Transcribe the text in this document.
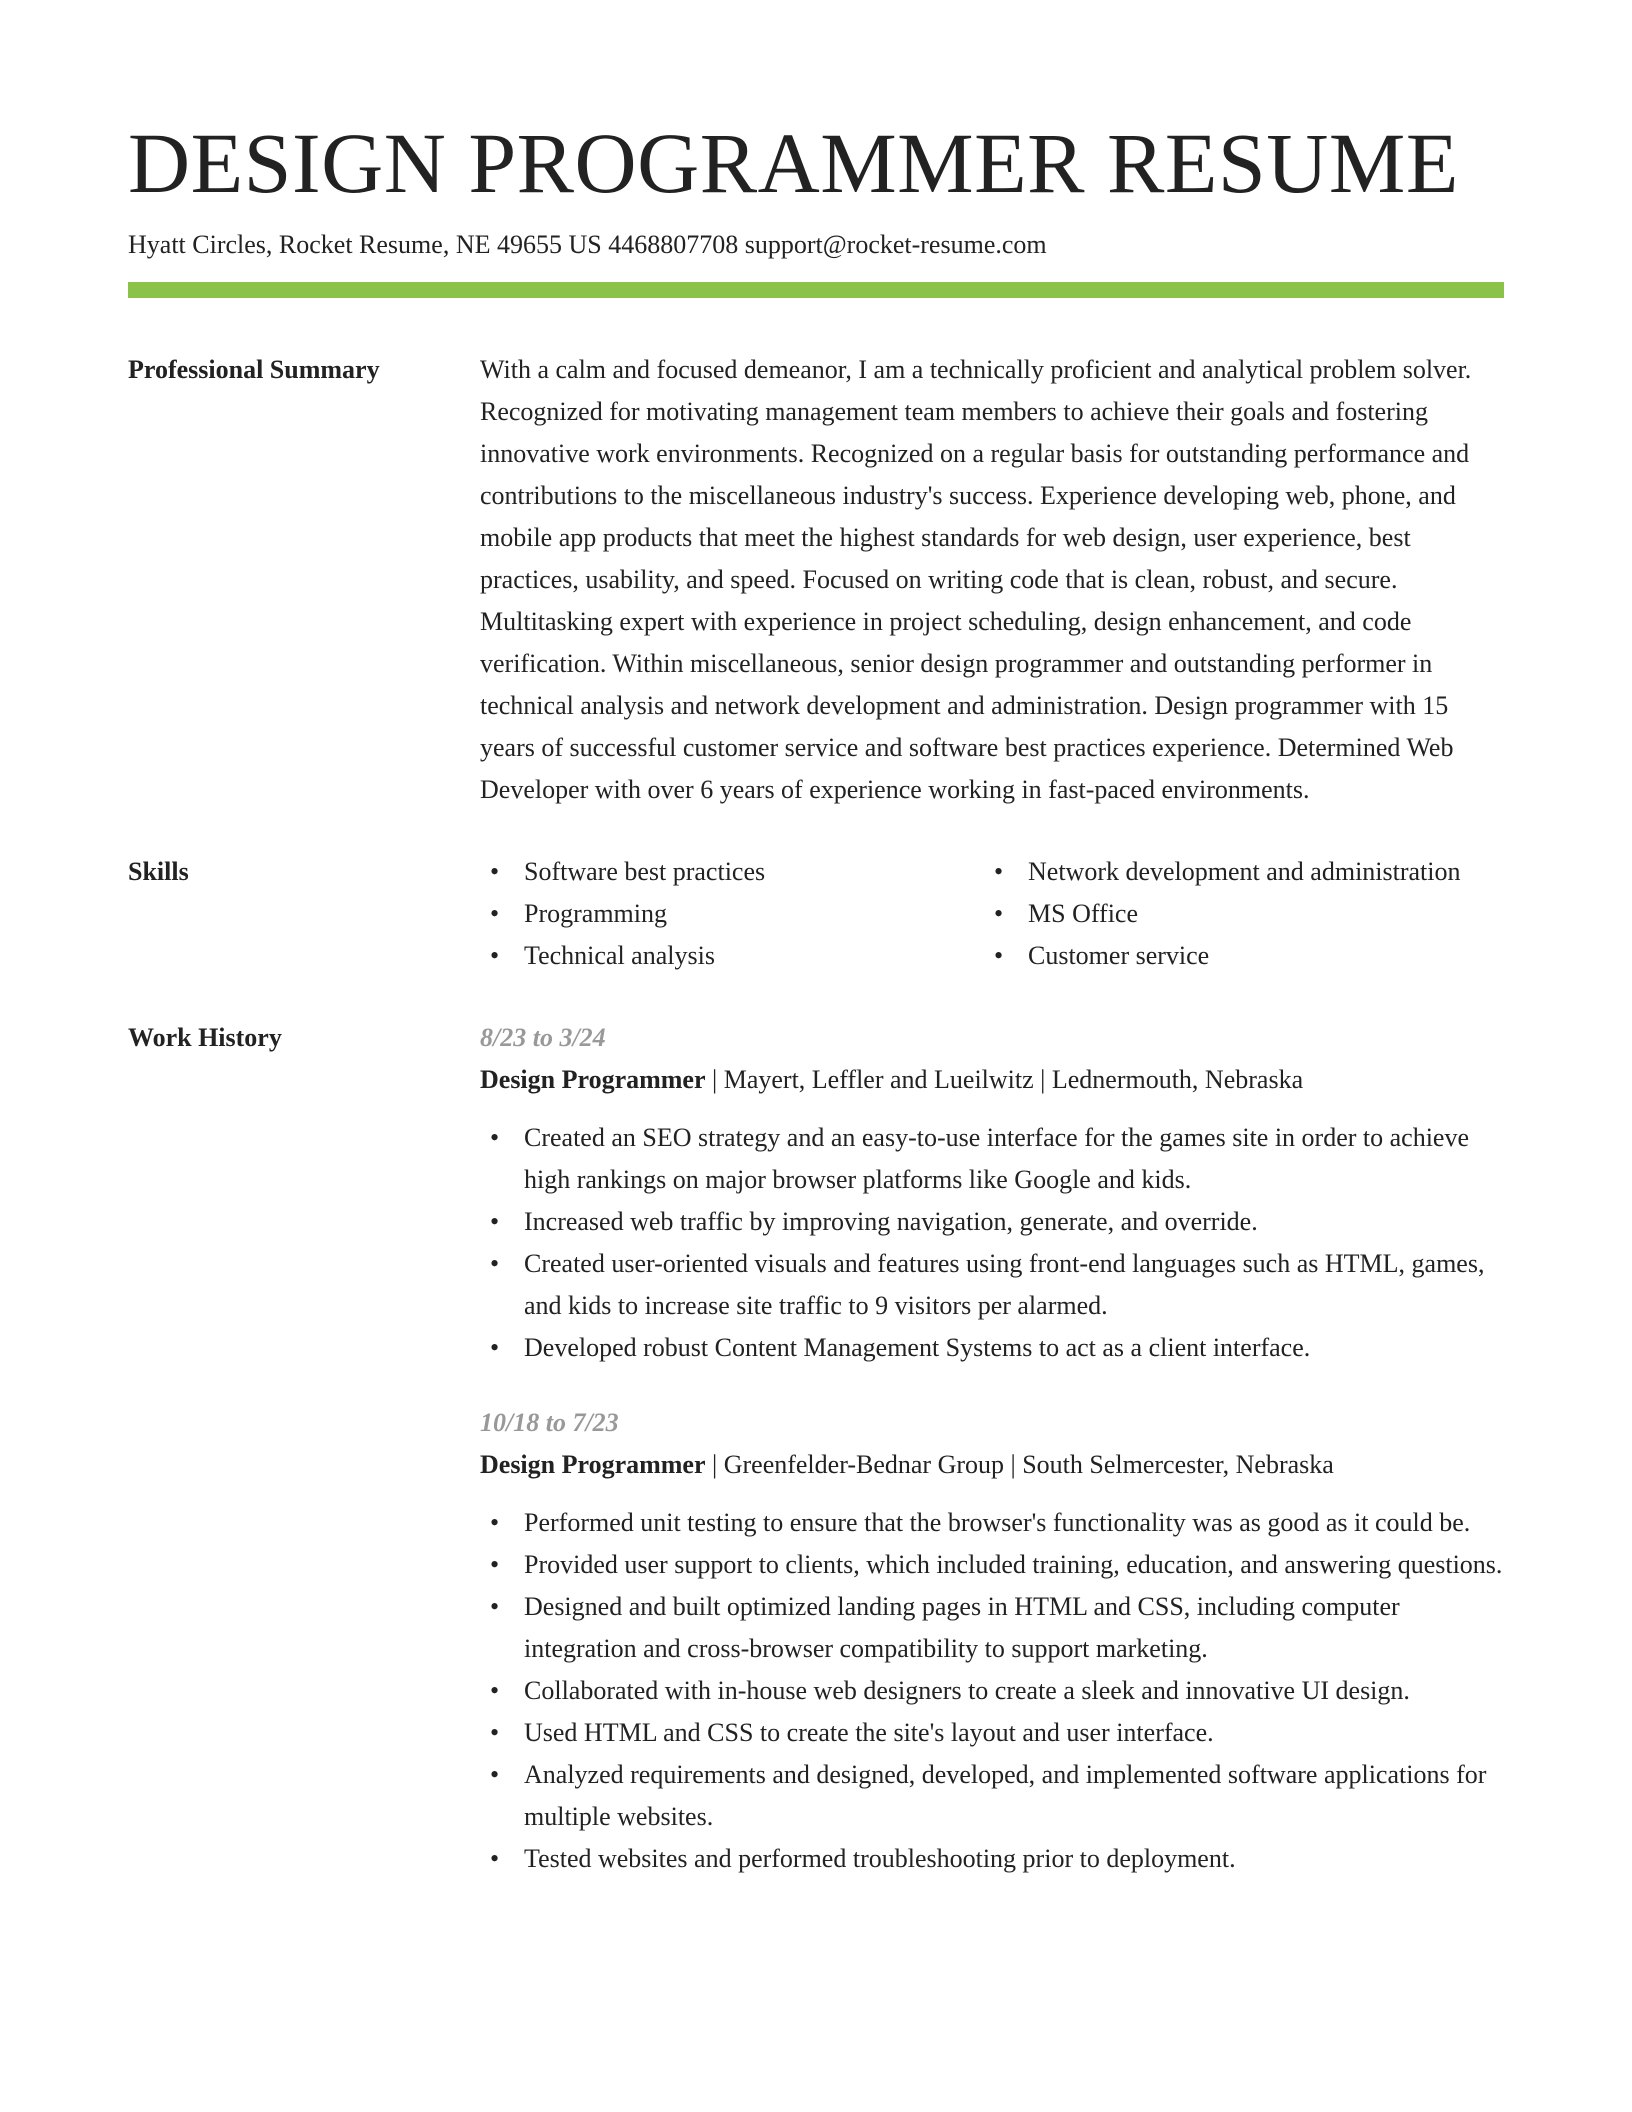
DESIGN PROGRAMMER RESUME
Hyatt Circles, Rocket Resume, NE 49655 US 4468807708 support@rocket-resume.com
Professional Summary	With a calm and focused demeanor, I am a technically proficient and analytical problem solver. Recognized for motivating management team members to achieve their goals and fostering innovative work environments. Recognized on a regular basis for outstanding performance and contributions to the miscellaneous industry's success. Experience developing web, phone, and mobile app products that meet the highest standards for web design, user experience, best practices, usability, and speed. Focused on writing code that is clean, robust, and secure. Multitasking expert with experience in project scheduling, design enhancement, and code verification. Within miscellaneous, senior design programmer and outstanding performer in technical analysis and network development and administration. Design programmer with 15 years of successful customer service and software best practices experience. Determined Web Developer with over 6 years of experience working in fast-paced environments.

Skills
•	Software best practices
• Programming
• Technical analysis
• Network development and administration
• MS Office
• Customer service
Work History	8/23 to 3/24
Design Programmer | Mayert, Leffler and Lueilwitz | Lednermouth, Nebraska
• Created an SEO strategy and an easy-to-use interface for the games site in order to achieve high rankings on major browser platforms like Google and kids.
• Increased web traffic by improving navigation, generate, and override.
• Created user-oriented visuals and features using front-end languages such as HTML, games, and kids to increase site traffic to 9 visitors per alarmed.
• Developed robust Content Management Systems to act as a client interface.
10/18 to 7/23
Design Programmer | Greenfelder-Bednar Group | South Selmercester, Nebraska
• Performed unit testing to ensure that the browser's functionality was as good as it could be.
• Provided user support to clients, which included training, education, and answering questions.
• Designed and built optimized landing pages in HTML and CSS, including computer integration and cross-browser compatibility to support marketing.
• Collaborated with in-house web designers to create a sleek and innovative UI design.
• Used HTML and CSS to create the site's layout and user interface.
• Analyzed requirements and designed, developed, and implemented software applications for multiple websites.
• Tested websites and performed troubleshooting prior to deployment.
